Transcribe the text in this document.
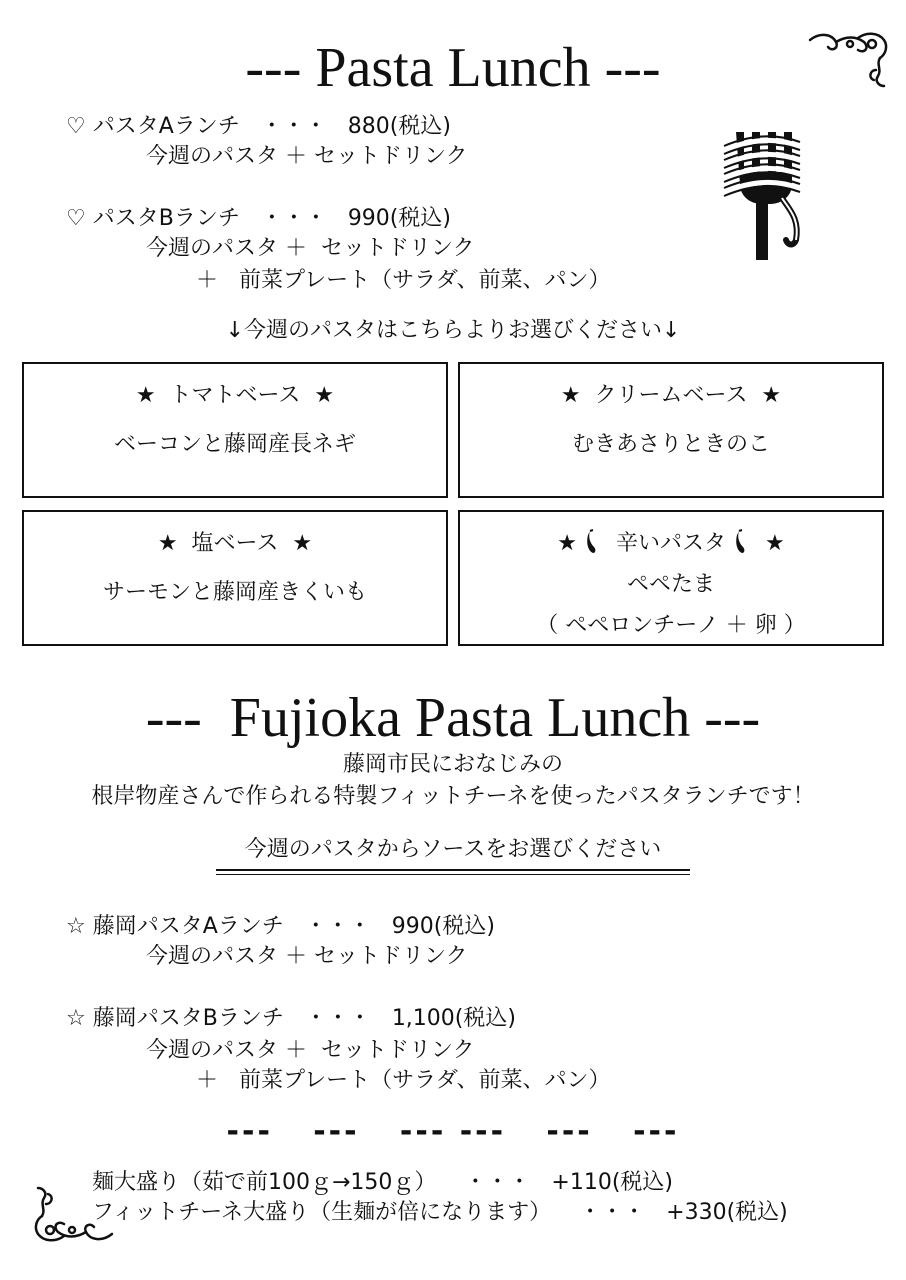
--- Pasta Lunch ---
♡ パスタAランチ ・・・ 880(税込)
今週のパスタ ＋ セットドリンク
♡ パスタBランチ ・・・ 990(税込)
今週のパスタ ＋  セットドリンク
＋   前菜プレート（サラダ、前菜、パン）
↓今週のパスタはこちらよりお選びください↓
★  トマトベース  ★
ベーコンと藤岡産長ネギ
★  クリームベース  ★
むきあさりときのこ
★  塩ベース  ★
サーモンと藤岡産きくいも
★ 辛いパスタ ★
ペペたま
（ ペペロンチーノ ＋ 卵 ）
---  Fujioka Pasta Lunch ---
藤岡市民におなじみの
根岸物産さんで作られる特製フィットチーネを使ったパスタランチです！
今週のパスタからソースをお選びください
☆ 藤岡パスタAランチ ・・・ 990(税込)
今週のパスタ ＋ セットドリンク
☆ 藤岡パスタBランチ ・・・ 1,100(税込)
今週のパスタ ＋  セットドリンク
＋   前菜プレート（サラダ、前菜、パン）
---   ---   --- ---   ---   ---
麺大盛り（茹で前100ｇ→150ｇ） ・・・ +110(税込)
フィットチーネ大盛り（生麺が倍になります） ・・・ +330(税込)
